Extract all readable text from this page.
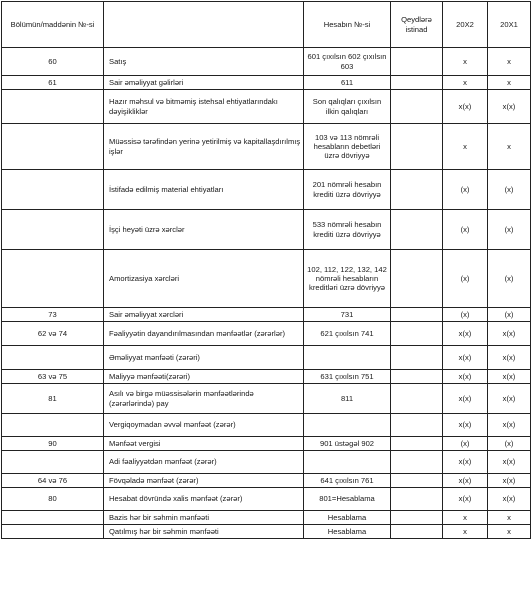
Bölümün/maddənin №-si		Hesabın №-si	Qeydlərə istinad	20X2	20X1
60	Satış	601 çıxılsın 602 çıxılsın 603		x	x
61	Sair əməliyyat gəlirləri	611		x	x
	Hazır məhsul və bitməmiş istehsal ehtiyatlarındakı dəyişikliklər	Son qalıqları çıxılsın ilkin qalıqları		x(x)	x(x)
	Müəssisə tərəfindən yerinə yetirilmiş və kapitallaşdırılmış işlər	103 və 113 nömrəli hesabların debetləri üzrə dövriyyə		x	x
	İstifadə edilmiş material ehtiyatları	201 nömrəli hesabın krediti üzrə dövriyyə		(x)	(x)
	İşçi heyəti üzrə xərclər	533 nömrəli hesabın krediti üzrə dövriyyə		(x)	(x)
	Amortizasiya xərcləri	102, 112, 122, 132, 142 nömrəli hesabların kreditləri üzrə dövriyyə		(x)	(x)
73	Sair əməliyyat xərcləri	731		(x)	(x)
62 və 74	Fəaliyyətin dayandırılmasından mənfəətlər (zərərlər)	621 çıxılsın 741		x(x)	x(x)
	Əməliyyat mənfəəti (zərəri)			x(x)	x(x)
63 və 75	Maliyyə mənfəəti(zərəri)	631 çıxılsın 751		x(x)	x(x)
81	Asılı və birgə müəssisələrin mənfəətlərində (zərərlərində) pay	811		x(x)	x(x)
	Vergiqoymadan əvvəl mənfəət (zərər)			x(x)	x(x)
90	Mənfəət vergisi	901 üstəgəl 902		(x)	(x)
	Adi fəaliyyətdən mənfəət (zərər)			x(x)	x(x)
64 və 76	Fövqəladə mənfəət (zərər)	641 çıxılsın 761		x(x)	x(x)
80	Hesabat dövründə xalis mənfəət (zərər)	801=Hesablama		x(x)	x(x)
	Bazis hər bir səhmin mənfəəti	Hesablama		x	x
	Qatılmış hər bir səhmin mənfəəti	Hesablama		x	x
